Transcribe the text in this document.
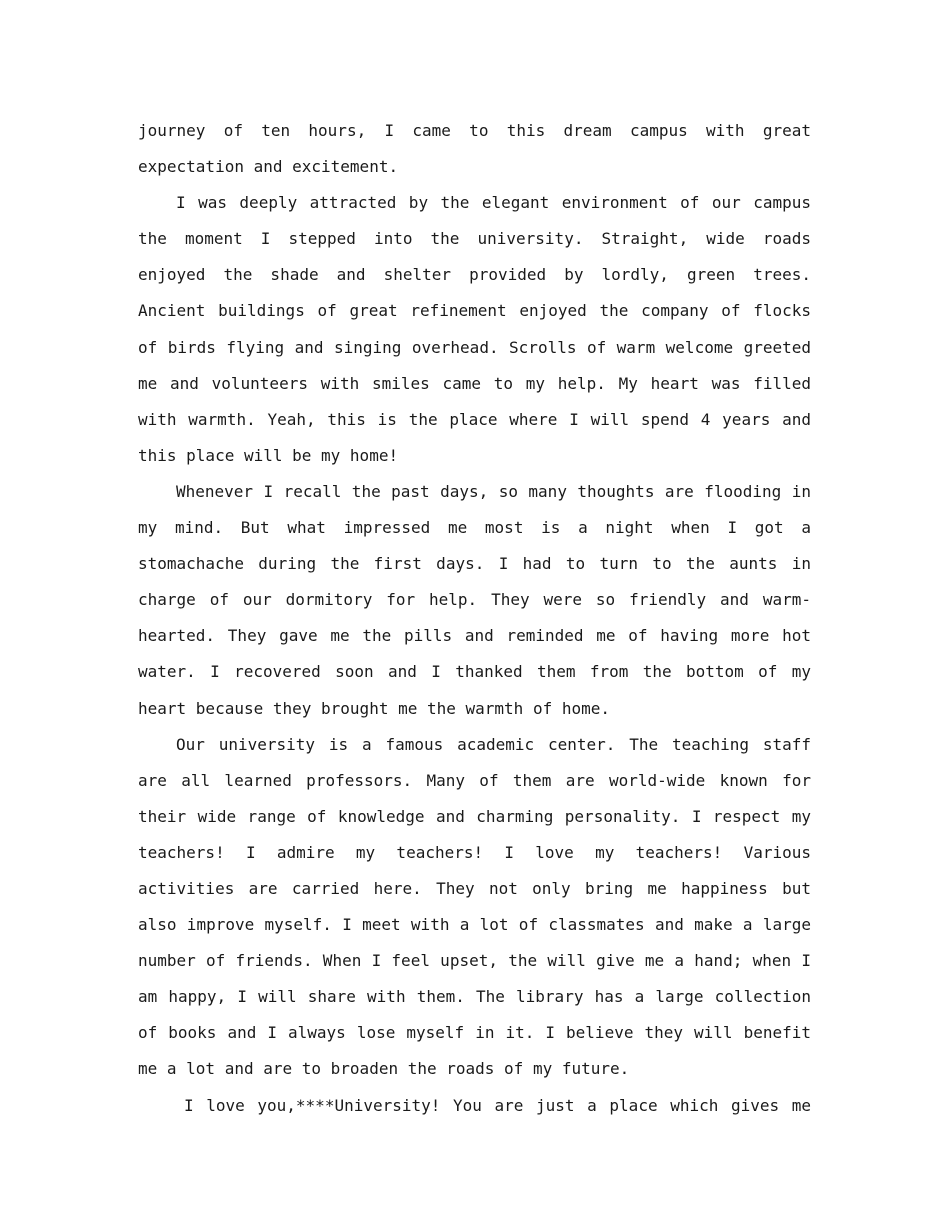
journey of ten hours, I came to this dream campus with great expectation and excitement.

I was deeply attracted by the elegant environment of our campus the moment I stepped into the university. Straight, wide roads enjoyed the shade and shelter provided by lordly, green trees. Ancient buildings of great refinement enjoyed the company of flocks of birds flying and singing overhead. Scrolls of warm welcome greeted me and volunteers with smiles came to my help. My heart was filled with warmth. Yeah, this is the place where I will spend 4 years and this place will be my home!

Whenever I recall the past days, so many thoughts are flooding in my mind. But what impressed me most is a night when I got a stomachache during the first days. I had to turn to the aunts in charge of our dormitory for help. They were so friendly and warm-hearted. They gave me the pills and reminded me of having more hot water. I recovered soon and I thanked them from the bottom of my heart because they brought me the warmth of home.

Our university is a famous academic center. The teaching staff are all learned professors. Many of them are world-wide known for their wide range of knowledge and charming personality. I respect my teachers! I admire my teachers! I love my teachers! Various activities are carried here. They not only bring me happiness but also improve myself. I meet with a lot of classmates and make a large number of friends. When I feel upset, the will give me a hand; when I am happy, I will share with them. The library has a large collection of books and I always lose myself in it. I believe they will benefit me a lot and are to broaden the roads of my future.

I love you,****University! You are just a place which gives me
